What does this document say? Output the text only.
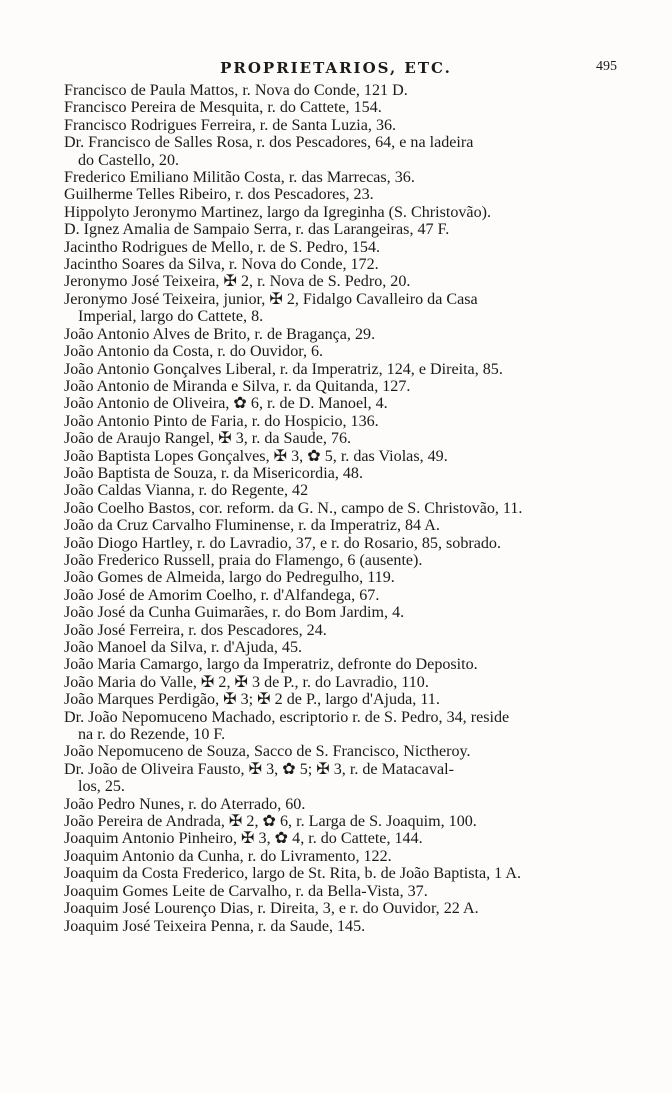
PROPRIETARIOS, ETC.	495
Francisco de Paula Mattos, r. Nova do Conde, 121 D.
Francisco Pereira de Mesquita, r. do Cattete, 154.
Francisco Rodrigues Ferreira, r. de Santa Luzia, 36.
Dr. Francisco de Salles Rosa, r. dos Pescadores, 64, e na ladeira
do Castello, 20.
Frederico Emiliano Militão Costa, r. das Marrecas, 36.
Guilherme Telles Ribeiro, r. dos Pescadores, 23.
Hippolyto Jeronymo Martinez, largo da Igreginha (S. Christovão).
D. Ignez Amalia de Sampaio Serra, r. das Larangeiras, 47 F.
Jacintho Rodrigues de Mello, r. de S. Pedro, 154.
Jacintho Soares da Silva, r. Nova do Conde, 172.
Jeronymo José Teixeira, ✠ 2, r. Nova de S. Pedro, 20.
Jeronymo José Teixeira, junior, ✠ 2, Fidalgo Cavalleiro da Casa
Imperial, largo do Cattete, 8.
João Antonio Alves de Brito, r. de Bragança, 29.
João Antonio da Costa, r. do Ouvidor, 6.
João Antonio Gonçalves Liberal, r. da Imperatriz, 124, e Direita, 85.
João Antonio de Miranda e Silva, r. da Quitanda, 127.
João Antonio de Oliveira, ✿ 6, r. de D. Manoel, 4.
João Antonio Pinto de Faria, r. do Hospicio, 136.
João de Araujo Rangel, ✠ 3, r. da Saude, 76.
João Baptista Lopes Gonçalves, ✠ 3, ✿ 5, r. das Violas, 49.
João Baptista de Souza, r. da Misericordia, 48.
João Caldas Vianna, r. do Regente, 42
João Coelho Bastos, cor. reform. da G. N., campo de S. Christovão, 11.
João da Cruz Carvalho Fluminense, r. da Imperatriz, 84 A.
João Diogo Hartley, r. do Lavradio, 37, e r. do Rosario, 85, sobrado.
João Frederico Russell, praia do Flamengo, 6 (ausente).
João Gomes de Almeida, largo do Pedregulho, 119.
João José de Amorim Coelho, r. d'Alfandega, 67.
João José da Cunha Guimarães, r. do Bom Jardim, 4.
João José Ferreira, r. dos Pescadores, 24.
João Manoel da Silva, r. d'Ajuda, 45.
João Maria Camargo, largo da Imperatriz, defronte do Deposito.
João Maria do Valle, ✠ 2, ✠ 3 de P., r. do Lavradio, 110.
João Marques Perdigão, ✠ 3; ✠ 2 de P., largo d'Ajuda, 11.
Dr. João Nepomuceno Machado, escriptorio r. de S. Pedro, 34, reside
na r. do Rezende, 10 F.
João Nepomuceno de Souza, Sacco de S. Francisco, Nictheroy.
Dr. João de Oliveira Fausto, ✠ 3, ✿ 5; ✠ 3, r. de Matacaval-
los, 25.
João Pedro Nunes, r. do Aterrado, 60.
João Pereira de Andrada, ✠ 2, ✿ 6, r. Larga de S. Joaquim, 100.
Joaquim Antonio Pinheiro, ✠ 3, ✿ 4, r. do Cattete, 144.
Joaquim Antonio da Cunha, r. do Livramento, 122.
Joaquim da Costa Frederico, largo de St. Rita, b. de João Baptista, 1 A.
Joaquim Gomes Leite de Carvalho, r. da Bella-Vista, 37.
Joaquim José Lourenço Dias, r. Direita, 3, e r. do Ouvidor, 22 A.
Joaquim José Teixeira Penna, r. da Saude, 145.
